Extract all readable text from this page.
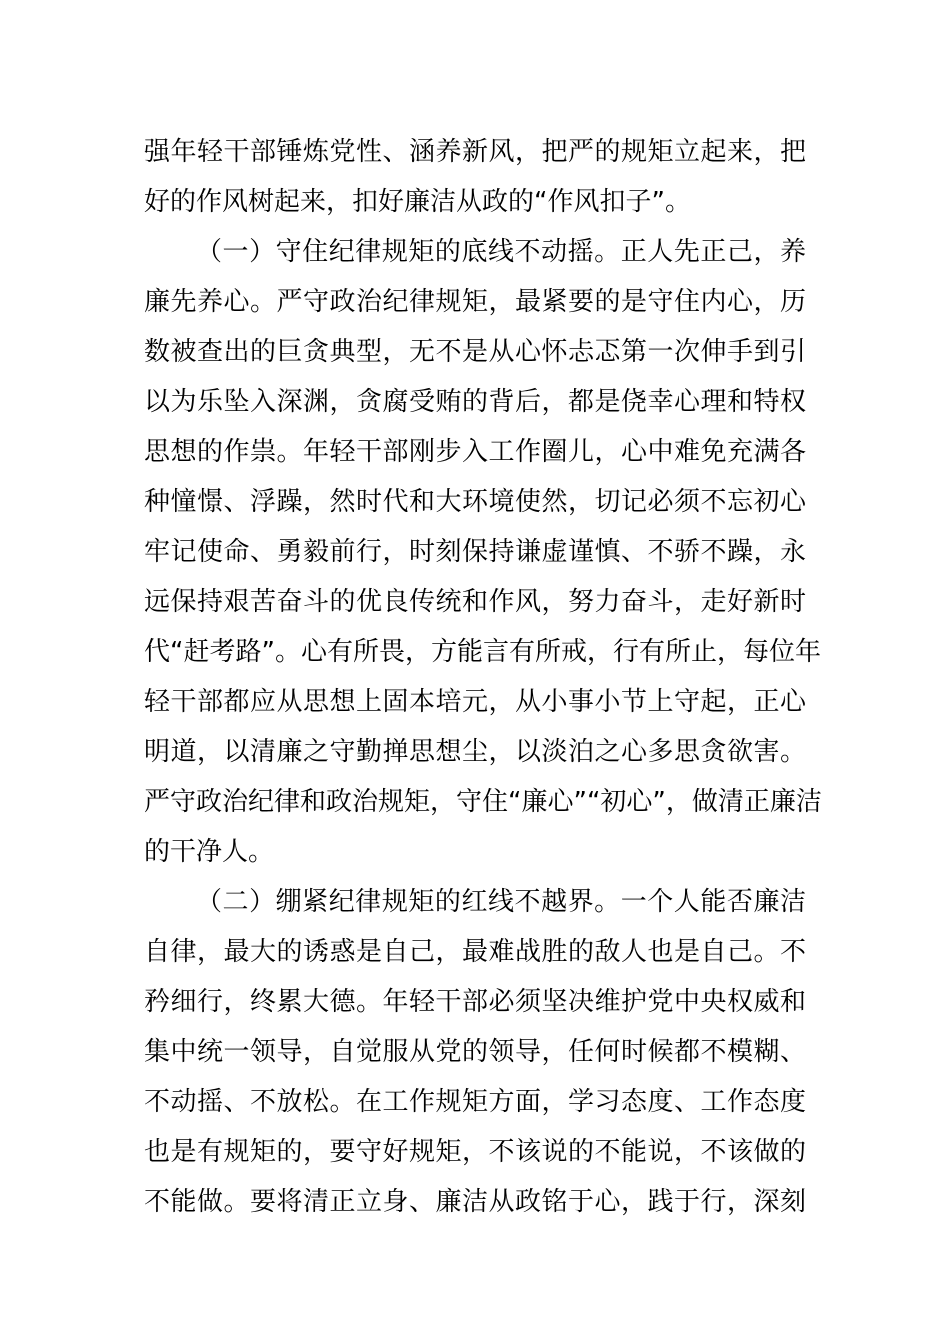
强年轻干部锤炼党性、涵养新风，把严的规矩立起来，把
好的作风树起来，扣好廉洁从政的“作风扣子”。
（一）守住纪律规矩的底线不动摇。正人先正己，养
廉先养心。严守政治纪律规矩，最紧要的是守住内心，历
数被查出的巨贪典型，无不是从心怀忐忑第一次伸手到引
以为乐坠入深渊，贪腐受贿的背后，都是侥幸心理和特权
思想的作祟。年轻干部刚步入工作圈儿，心中难免充满各
种憧憬、浮躁，然时代和大环境使然，切记必须不忘初心
牢记使命、勇毅前行，时刻保持谦虚谨慎、不骄不躁，永
远保持艰苦奋斗的优良传统和作风，努力奋斗，走好新时
代“赶考路”。心有所畏，方能言有所戒，行有所止，每位年
轻干部都应从思想上固本培元，从小事小节上守起，正心
明道，以清廉之守勤掸思想尘，以淡泊之心多思贪欲害。
严守政治纪律和政治规矩，守住“廉心”“初心”，做清正廉洁
的干净人。
（二）绷紧纪律规矩的红线不越界。一个人能否廉洁
自律，最大的诱惑是自己，最难战胜的敌人也是自己。不
矜细行，终累大德。年轻干部必须坚决维护党中央权威和
集中统一领导，自觉服从党的领导，任何时候都不模糊、
不动摇、不放松。在工作规矩方面，学习态度、工作态度
也是有规矩的，要守好规矩，不该说的不能说，不该做的
不能做。要将清正立身、廉洁从政铭于心，践于行，深刻
